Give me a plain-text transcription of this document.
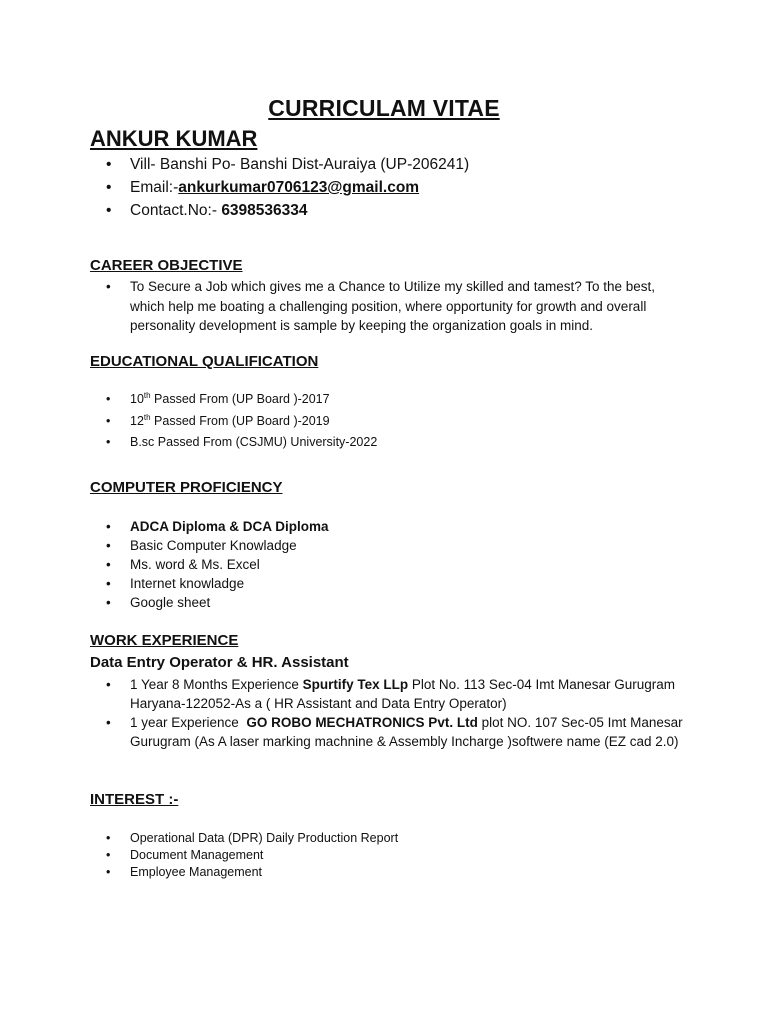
CURRICULAM VITAE
ANKUR KUMAR
• Vill- Banshi Po- Banshi Dist-Auraiya (UP-206241)
• Email:-ankurkumar0706123@gmail.com
• Contact.No:- 6398536334
CAREER OBJECTIVE
• To Secure a Job which gives me a Chance to Utilize my skilled and tamest? To the best, which help me boating a challenging position, where opportunity for growth and overall personality development is sample by keeping the organization goals in mind.
EDUCATIONAL QUALIFICATION
• 10th Passed From (UP Board )-2017
• 12th Passed From (UP Board )-2019
• B.sc Passed From (CSJMU) University-2022
COMPUTER PROFICIENCY
• ADCA Diploma & DCA Diploma
• Basic Computer Knowladge
• Ms. word & Ms. Excel
• Internet knowladge
• Google sheet
WORK EXPERIENCE
Data Entry Operator & HR. Assistant
• 1 Year 8 Months Experience Spurtify Tex LLp Plot No. 113 Sec-04 Imt Manesar Gurugram Haryana-122052-As a ( HR Assistant and Data Entry Operator)
• 1 year Experience  GO ROBO MECHATRONICS Pvt. Ltd plot NO. 107 Sec-05 Imt Manesar Gurugram (As A laser marking machnine & Assembly Incharge )softwere name (EZ cad 2.0)
INTEREST :-
• Operational Data (DPR) Daily Production Report
• Document Management
• Employee Management
